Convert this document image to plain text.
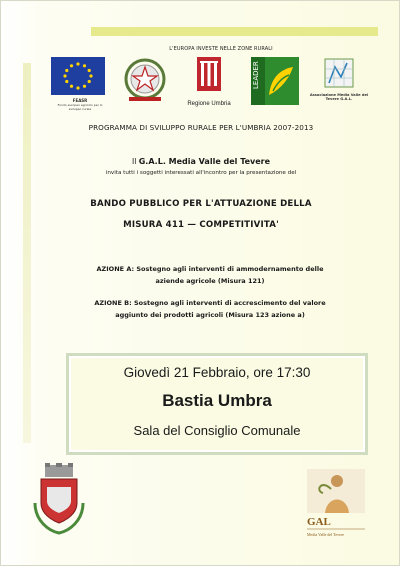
L'EUROPA INVESTE NELLE ZONE RURALI
FEASR
Fondo europeo agricolo per lo sviluppo rurale
Regione Umbria
LEADER
Associazione Media Valle del Tevere G.A.L.
PROGRAMMA DI SVILUPPO RURALE PER L'UMBRIA 2007-2013
Il G.A.L. Media Valle del Tevere
invita tutti i soggetti interessati all'incontro per la presentazione del
BANDO PUBBLICO PER L'ATTUAZIONE DELLA
MISURA 411 — COMPETITIVITA'
AZIONE A: Sostegno agli interventi di ammodernamento delle
aziende agricole (Misura 121)
AZIONE B: Sostegno agli interventi di accrescimento del valore
aggiunto dei prodotti agricoli (Misura 123 azione a)
Giovedì 21 Febbraio, ore 17:30
Bastia Umbra
Sala del Consiglio Comunale
GAL
Media Valle del Tevere
